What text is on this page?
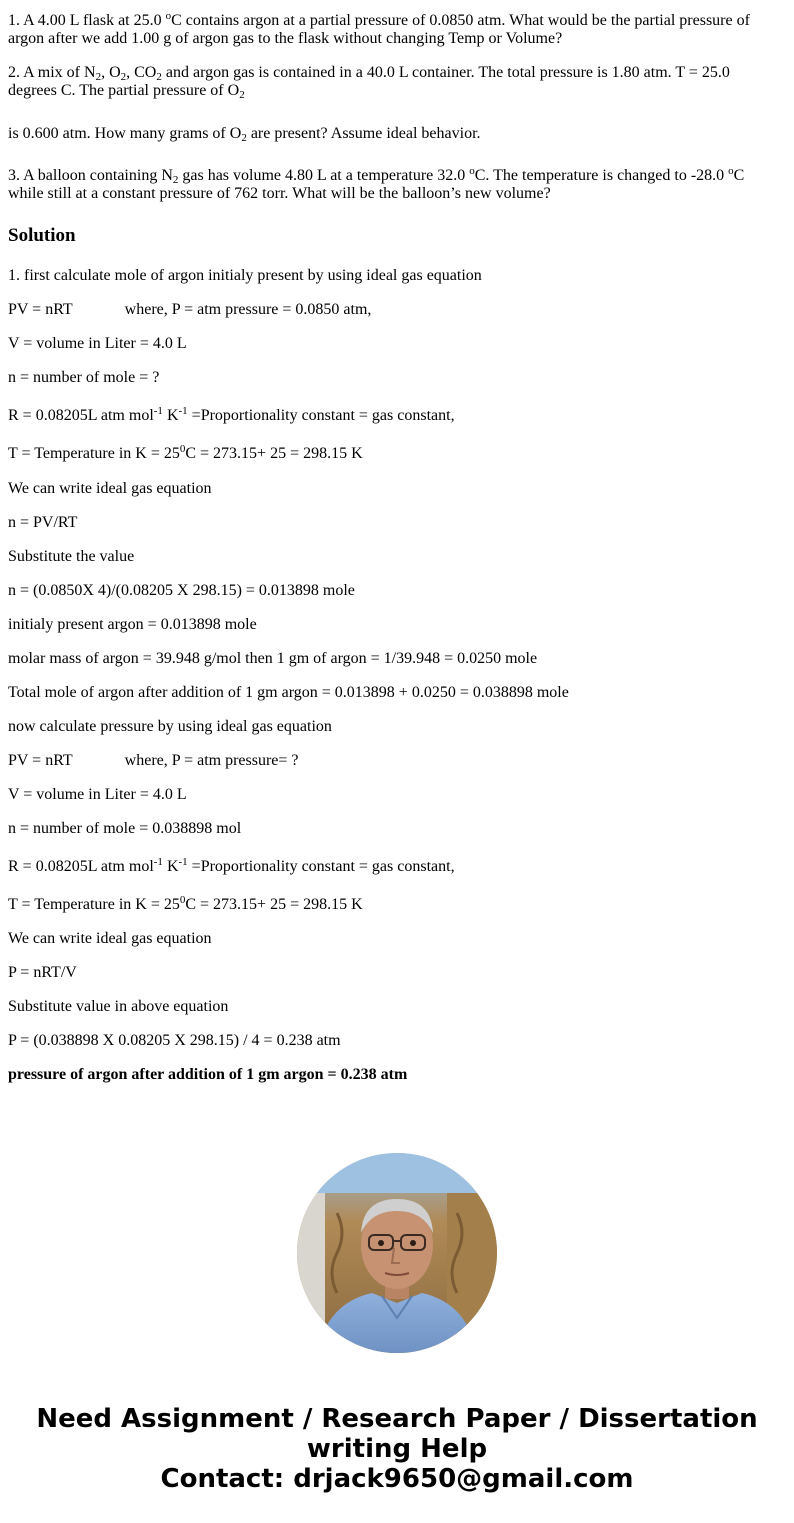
1. A 4.00 L flask at 25.0 $^o$C contains argon at a partial pressure of 0.0850 atm. What would be the partial pressure of argon after we add 1.00 g of argon gas to the flask without changing Temp or Volume?

2. A mix of $N_2$, $O_2$, $CO_2$ and argon gas is contained in a 40.0 L container. The total pressure is 1.80 atm. T = 25.0 degrees C. The partial pressure of $O_2$

is 0.600 atm. How many grams of $O_2$ are present? Assume ideal behavior.

3. A balloon containing $N_2$ gas has volume 4.80 L at a temperature 32.0 $^o$C. The temperature is changed to -28.0 $^o$C while still at a constant pressure of 762 torr. What will be the balloon’s new volume?

Solution

1. first calculate mole of argon initialy present by using ideal gas equation

PV = nRT	where, P = atm pressure = 0.0850 atm,

V = volume in Liter = 4.0 L

n = number of mole = ?

R = 0.08205L atm mol$^{-1}$ $K^{-1}$ =Proportionality constant = gas constant,

T = Temperature in $K = 25^0C = 273.15+ 25 = 298.15$ K

We can write ideal gas equation

n = PV/RT

Substitute the value

n = (0.0850X 4)/(0.08205 X 298.15) = 0.013898 mole

initialy present argon = 0.013898 mole

molar mass of argon = 39.948 g/mol then 1 gm of argon = 1/39.948 = 0.0250 mole

Total mole of argon after addition of 1 gm argon = 0.013898 + 0.0250 = 0.038898 mole

now calculate pressure by using ideal gas equation

PV = nRT	where, P = atm pressure= ?

V = volume in Liter = 4.0 L

n = number of mole = 0.038898 mol

R = 0.08205L atm mol$^{-1}$ $K^{-1}$ =Proportionality constant = gas constant,

T = Temperature in $K = 25^0C = 273.15+ 25 = 298.15$ K

We can write ideal gas equation

P = nRT/V

Substitute value in above equation

P = (0.038898 X 0.08205 X 298.15) / 4 = 0.238 atm

pressure of argon after addition of 1 gm argon = 0.238 atm

Need Assignment / Research Paper / Dissertation
writing Help
Contact: drjack9650@gmail.com
